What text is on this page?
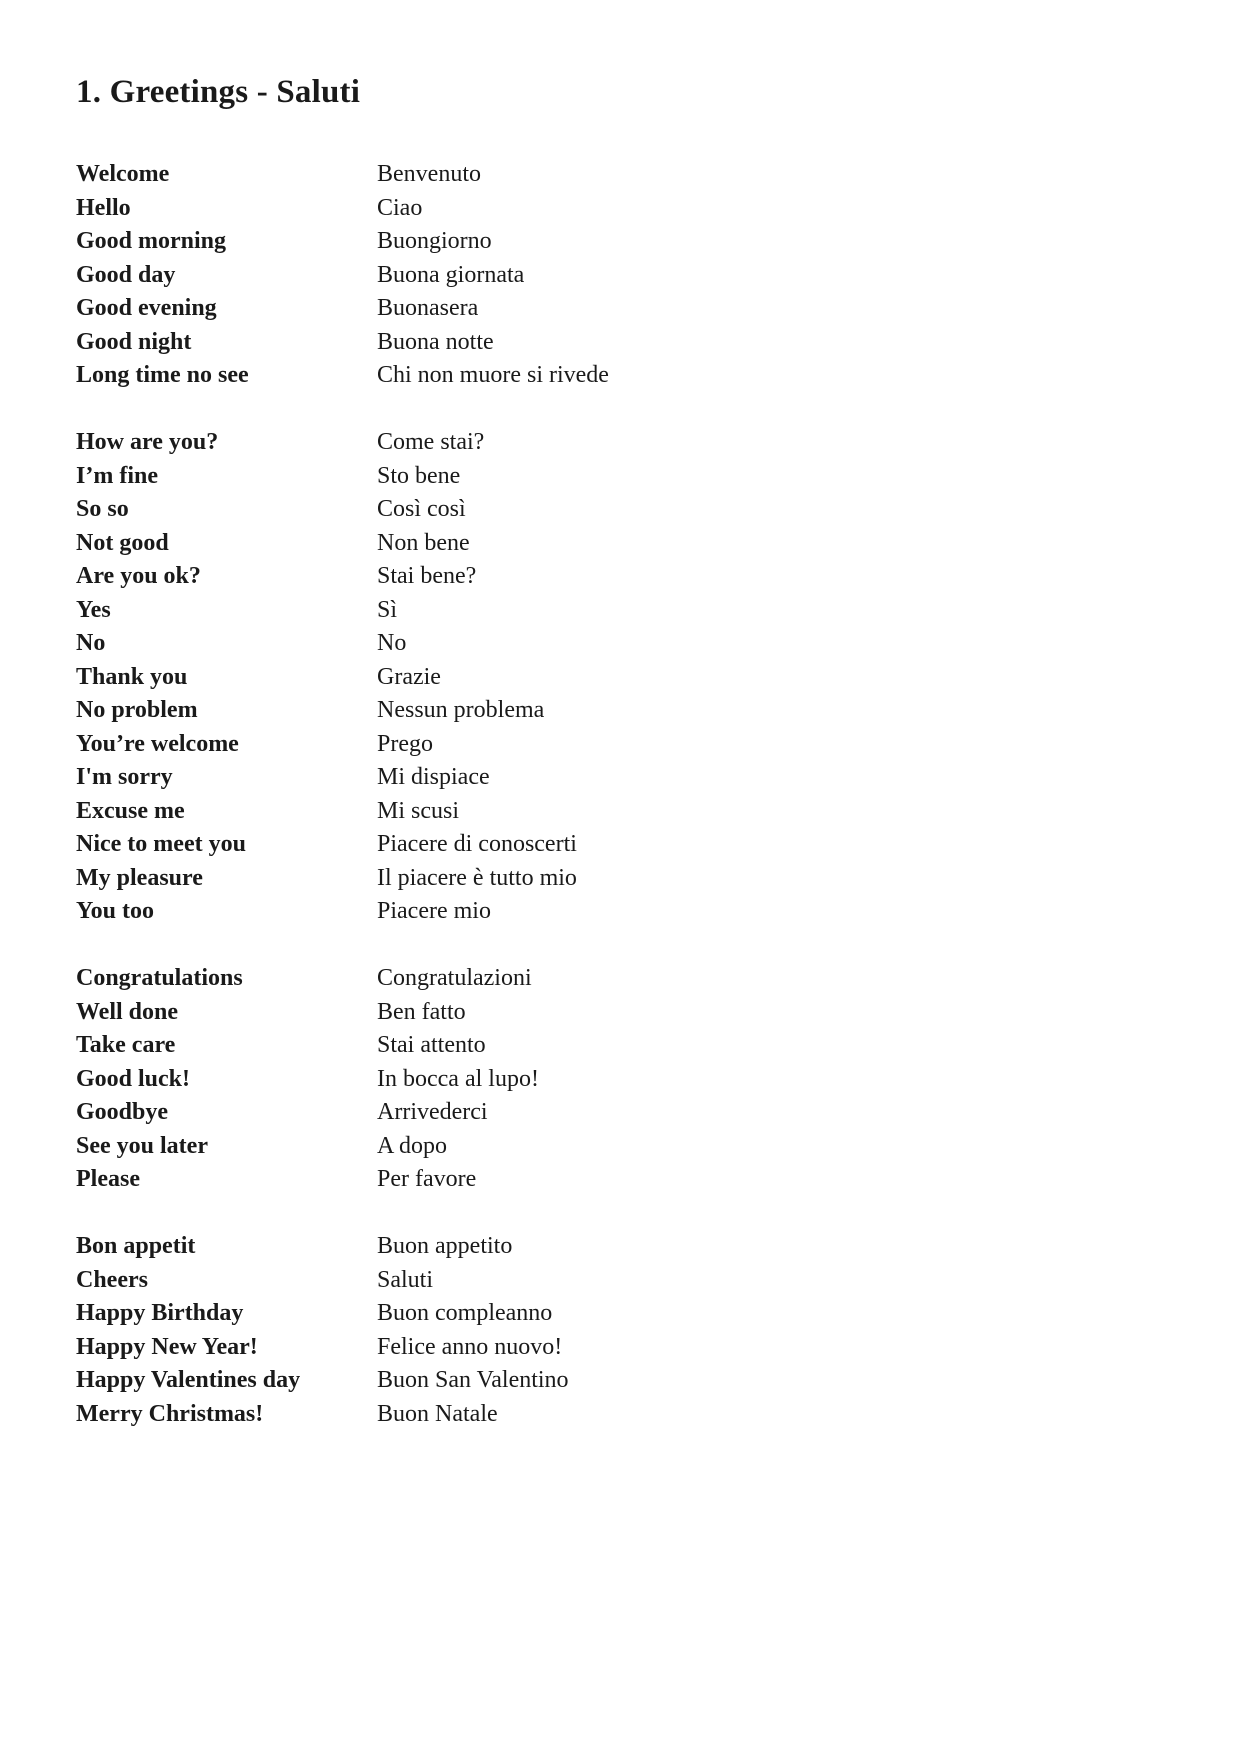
1. Greetings - Saluti
Welcome	Benvenuto
Hello	Ciao
Good morning	Buongiorno
Good day	Buona giornata
Good evening	Buonasera
Good night	Buona notte
Long time no see	Chi non muore si rivede
How are you?	Come stai?
I’m fine	Sto bene
So so	Così così
Not good	Non bene
Are you ok?	Stai bene?
Yes	Sì
No	No
Thank you	Grazie
No problem	Nessun problema
You’re welcome	Prego
I'm sorry	Mi dispiace
Excuse me	Mi scusi
Nice to meet you	Piacere di conoscerti
My pleasure	Il piacere è tutto mio
You too	Piacere mio
Congratulations	Congratulazioni
Well done	Ben fatto
Take care	Stai attento
Good luck!	In bocca al lupo!
Goodbye	Arrivederci
See you later	A dopo
Please	Per favore
Bon appetit	Buon appetito
Cheers	Saluti
Happy Birthday	Buon compleanno
Happy New Year!	Felice anno nuovo!
Happy Valentines day	Buon San Valentino
Merry Christmas!	Buon Natale
